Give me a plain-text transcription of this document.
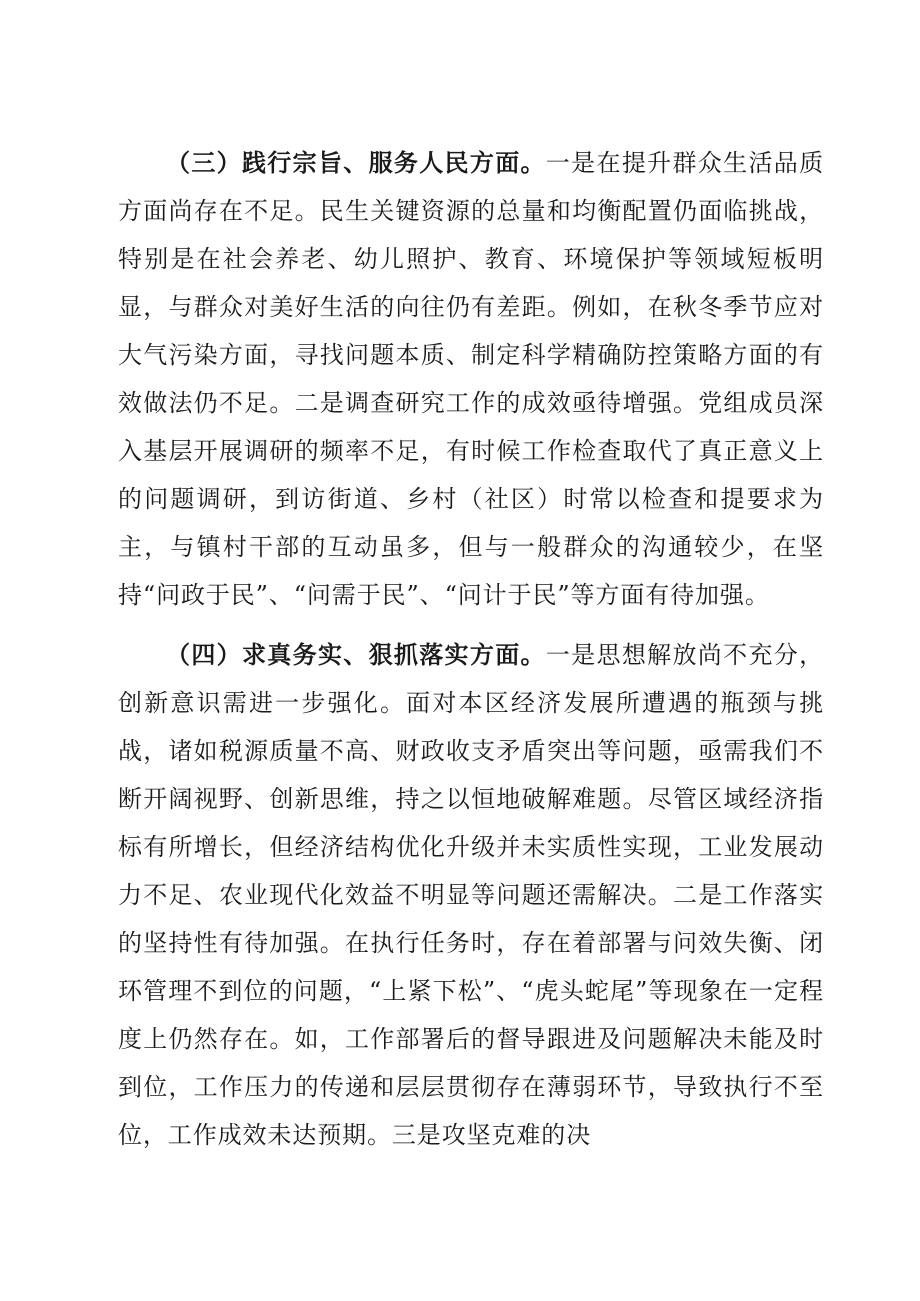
（三）践行宗旨、服务人民方面。一是在提升群众生活品质方面尚存在不足。民生关键资源的总量和均衡配置仍面临挑战，特别是在社会养老、幼儿照护、教育、环境保护等领域短板明显，与群众对美好生活的向往仍有差距。例如，在秋冬季节应对大气污染方面，寻找问题本质、制定科学精确防控策略方面的有效做法仍不足。二是调查研究工作的成效亟待增强。党组成员深入基层开展调研的频率不足，有时候工作检查取代了真正意义上的问题调研，到访街道、乡村（社区）时常以检查和提要求为主，与镇村干部的互动虽多，但与一般群众的沟通较少，在坚持“问政于民”、“问需于民”、“问计于民”等方面有待加强。

（四）求真务实、狠抓落实方面。一是思想解放尚不充分，创新意识需进一步强化。面对本区经济发展所遭遇的瓶颈与挑战，诸如税源质量不高、财政收支矛盾突出等问题，亟需我们不断开阔视野、创新思维，持之以恒地破解难题。尽管区域经济指标有所增长，但经济结构优化升级并未实质性实现，工业发展动力不足、农业现代化效益不明显等问题还需解决。二是工作落实的坚持性有待加强。在执行任务时，存在着部署与问效失衡、闭环管理不到位的问题，“上紧下松”、“虎头蛇尾”等现象在一定程度上仍然存在。如，工作部署后的督导跟进及问题解决未能及时到位，工作压力的传递和层层贯彻存在薄弱环节，导致执行不至位，工作成效未达预期。三是攻坚克难的决
